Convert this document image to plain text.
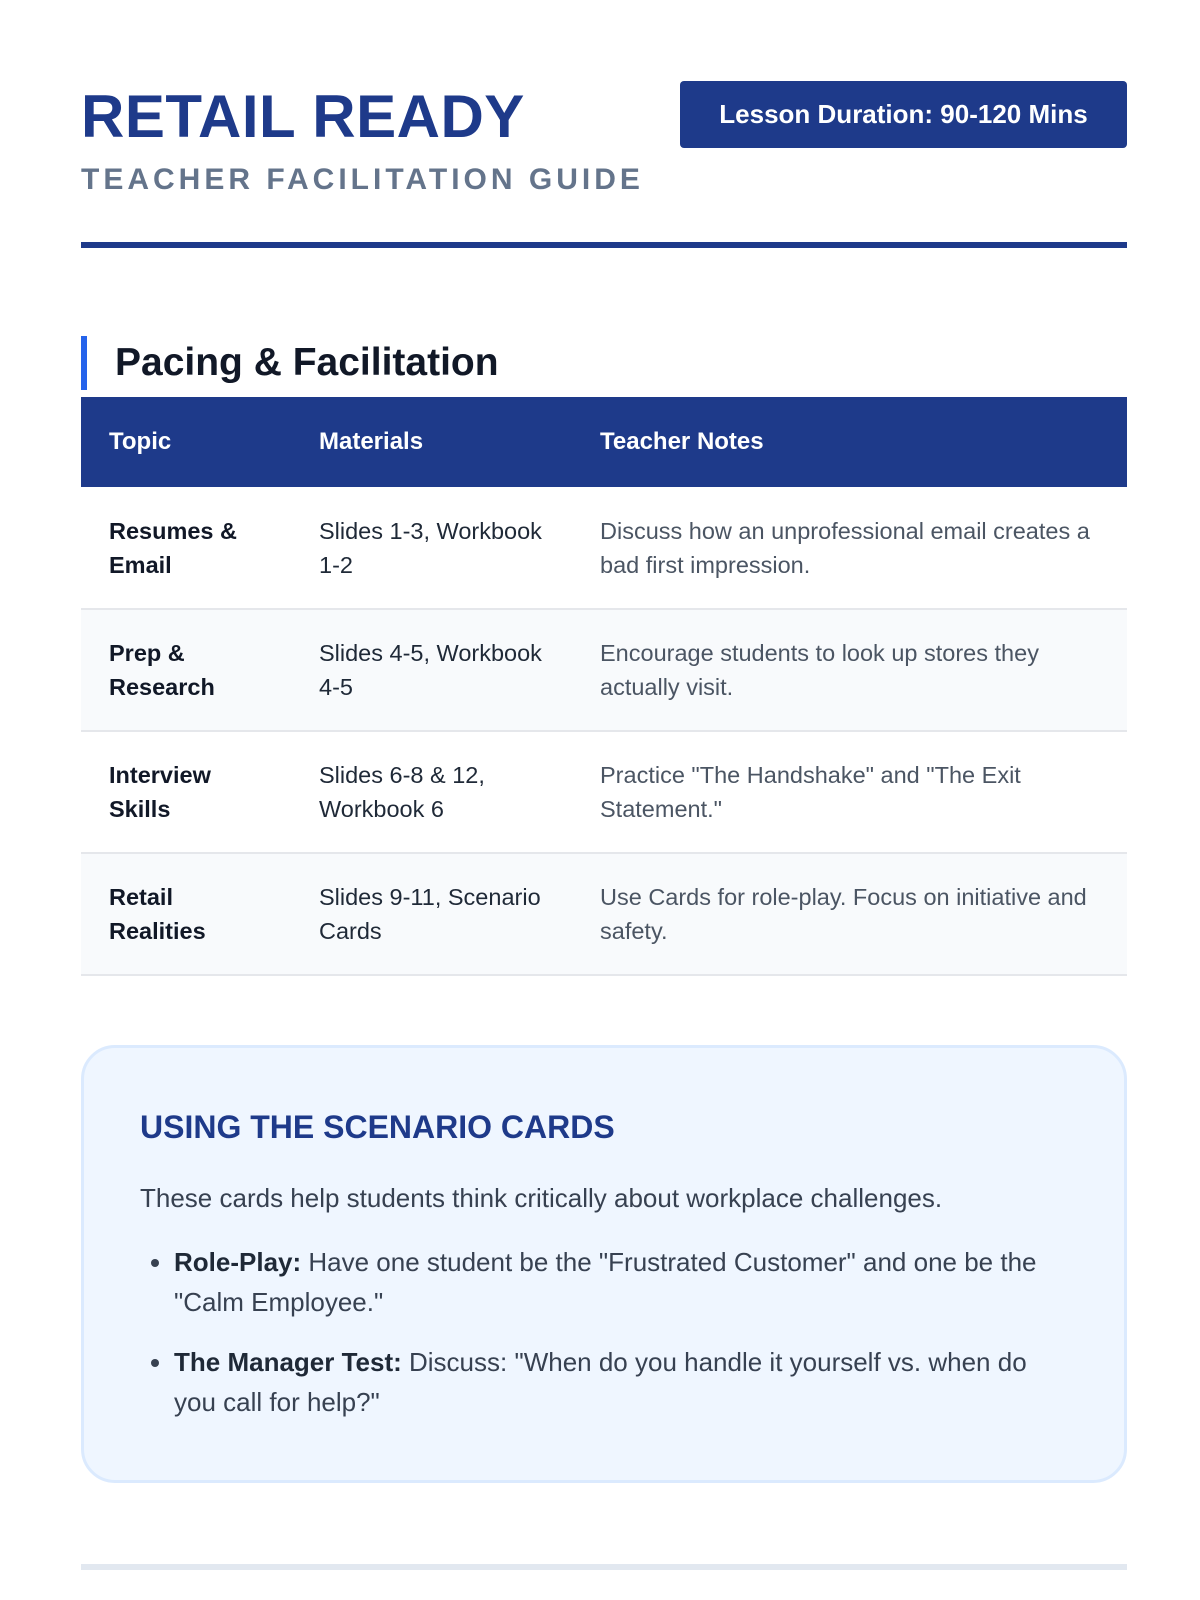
RETAIL READY
TEACHER FACILITATION GUIDE
Lesson Duration: 90-120 Mins
Pacing & Facilitation
Topic	Materials	Teacher Notes
Resumes & Email	Slides 1-3, Workbook 1-2	Discuss how an unprofessional email creates a bad first impression.
Prep & Research	Slides 4-5, Workbook 4-5	Encourage students to look up stores they actually visit.
Interview Skills	Slides 6-8 & 12, Workbook 6	Practice "The Handshake" and "The Exit Statement."
Retail Realities	Slides 9-11, Scenario Cards	Use Cards for role-play. Focus on initiative and safety.
USING THE SCENARIO CARDS

These cards help students think critically about workplace challenges.

• Role-Play: Have one student be the "Frustrated Customer" and one be the "Calm Employee."
• The Manager Test: Discuss: "When do you handle it yourself vs. when do you call for help?"
